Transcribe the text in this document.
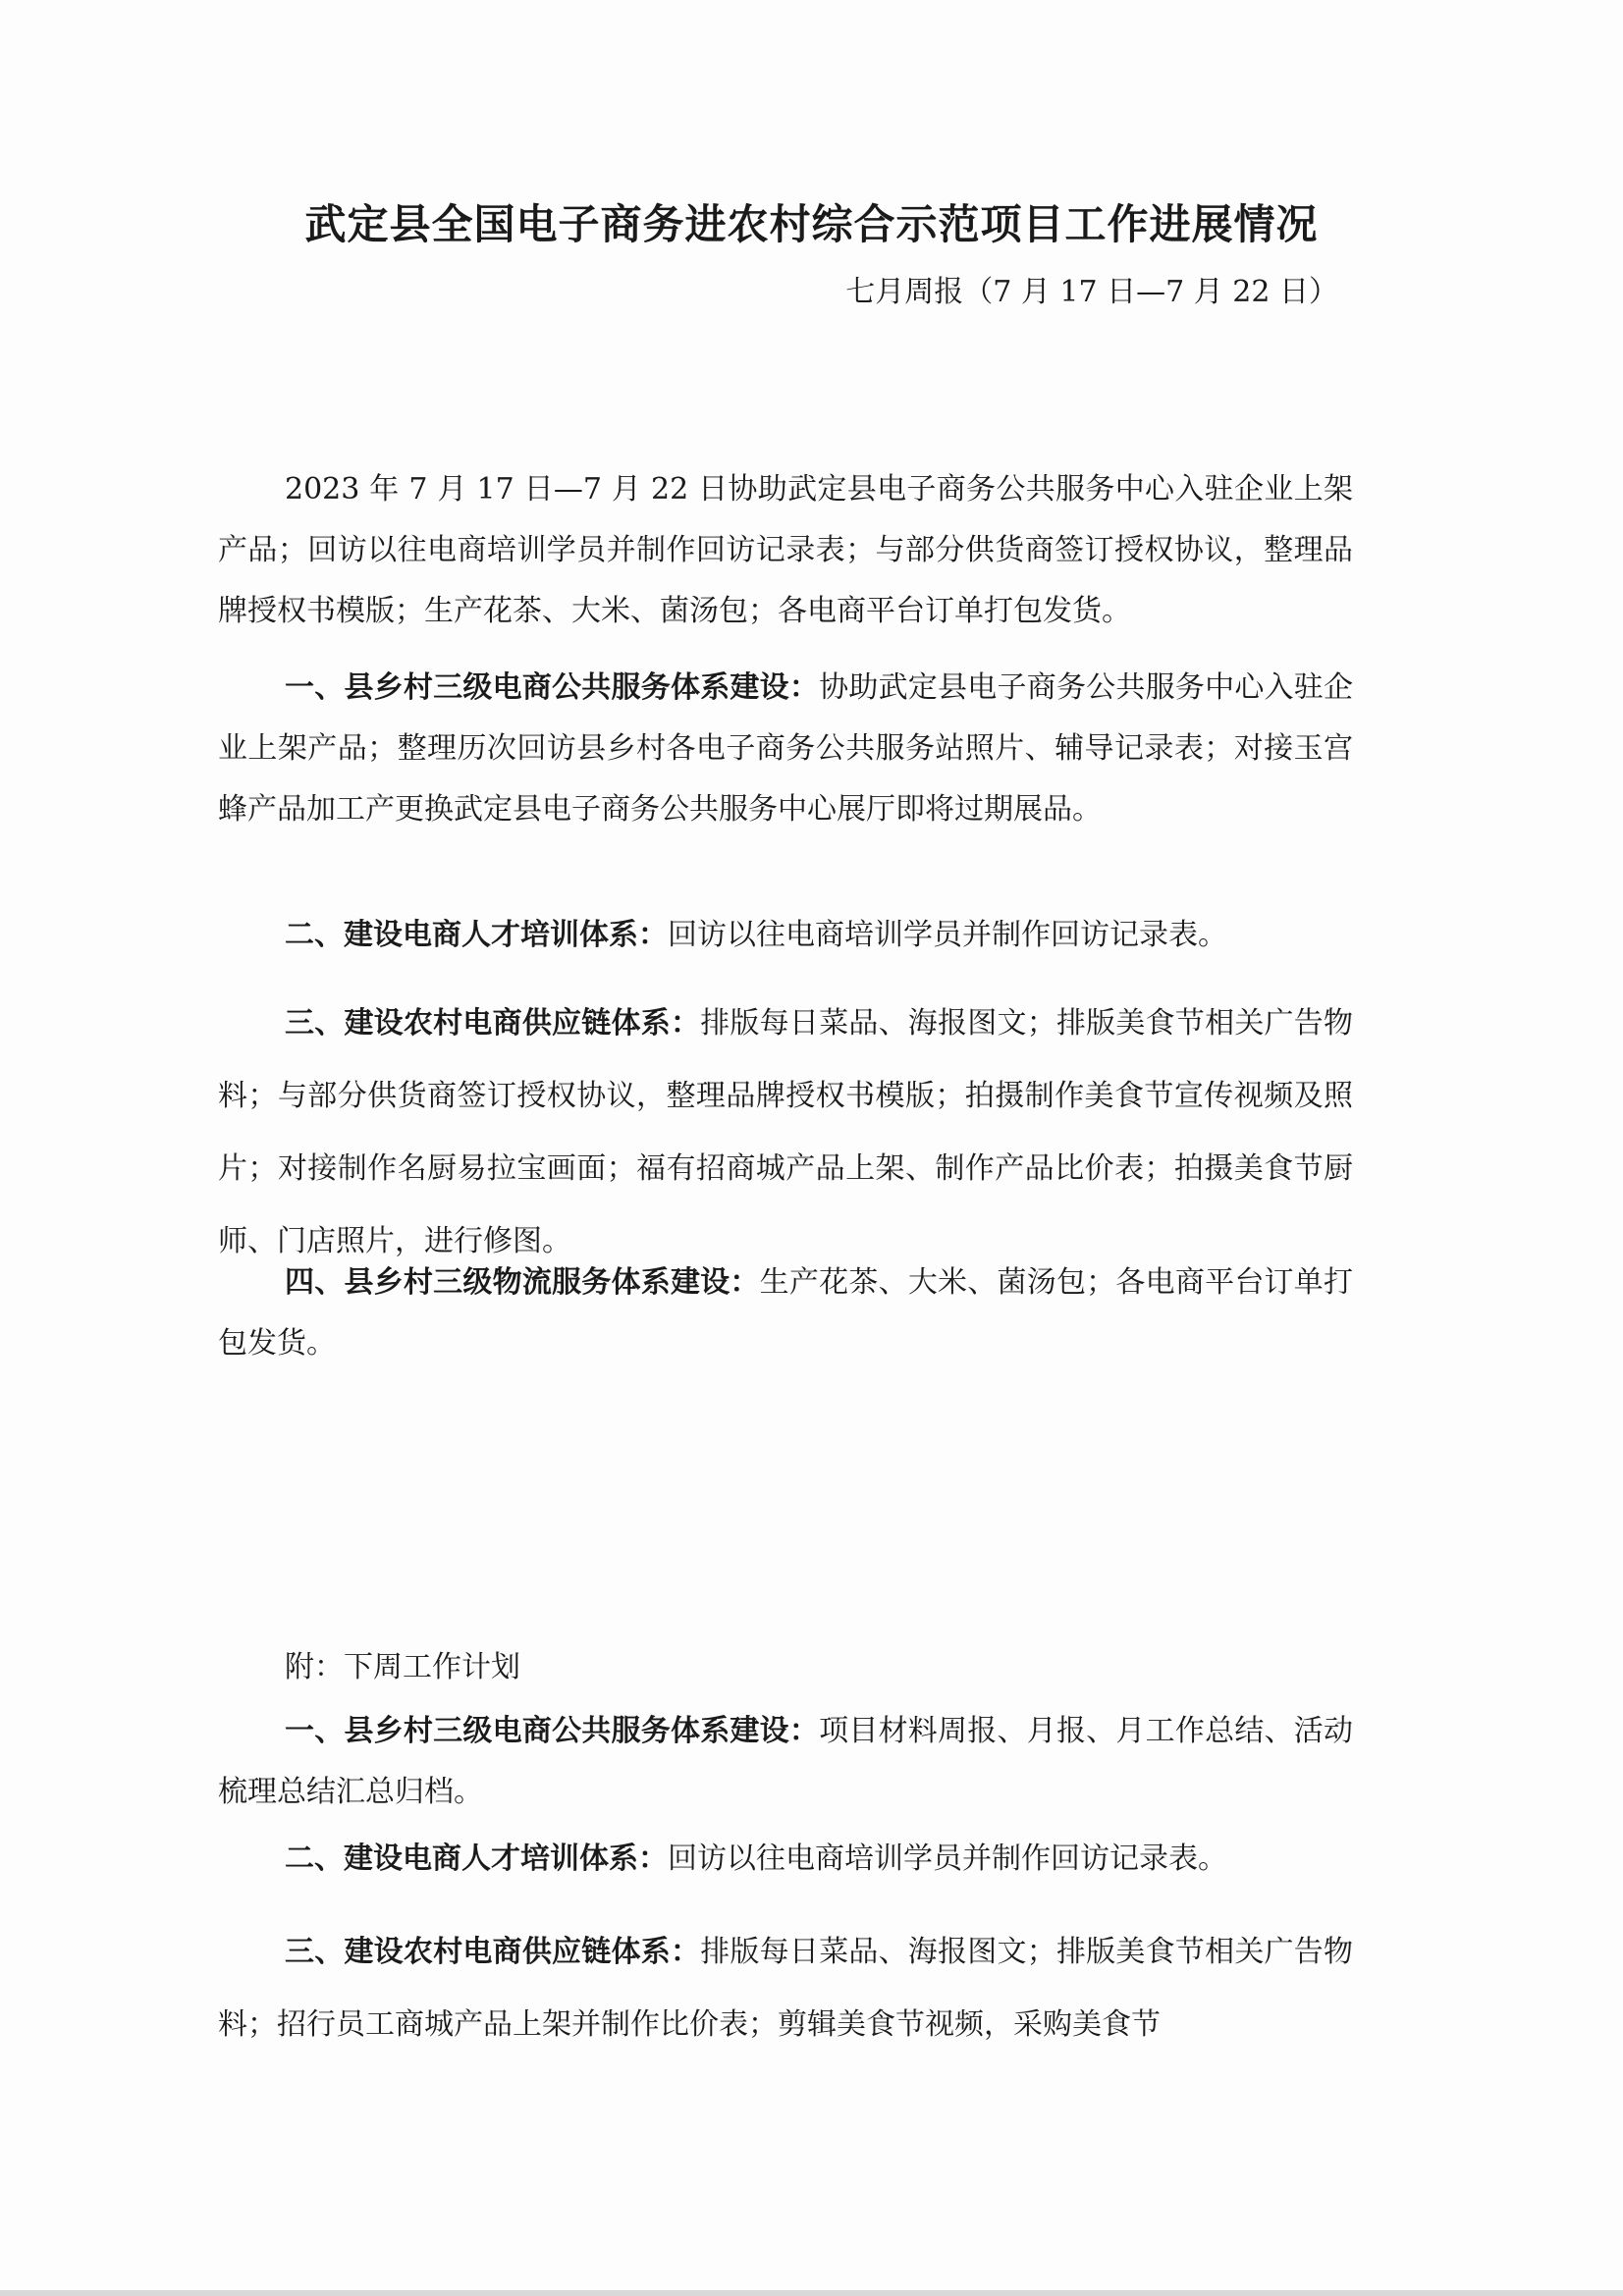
武定县全国电子商务进农村综合示范项目工作进展情况
七月周报（7 月 17 日—7 月 22 日）

2023 年 7 月 17 日—7 月 22 日协助武定县电子商务公共服务中心入驻企业上架产品；回访以往电商培训学员并制作回访记录表；与部分供货商签订授权协议，整理品牌授权书模版；生产花茶、大米、菌汤包；各电商平台订单打包发货。

一、县乡村三级电商公共服务体系建设：协助武定县电子商务公共服务中心入驻企业上架产品；整理历次回访县乡村各电子商务公共服务站照片、辅导记录表；对接玉宫蜂产品加工产更换武定县电子商务公共服务中心展厅即将过期展品。

二、建设电商人才培训体系：回访以往电商培训学员并制作回访记录表。

三、建设农村电商供应链体系：排版每日菜品、海报图文；排版美食节相关广告物料；与部分供货商签订授权协议，整理品牌授权书模版；拍摄制作美食节宣传视频及照片；对接制作名厨易拉宝画面；福有招商城产品上架、制作产品比价表；拍摄美食节厨师、门店照片，进行修图。

四、县乡村三级物流服务体系建设：生产花茶、大米、菌汤包；各电商平台订单打包发货。

附：下周工作计划

一、县乡村三级电商公共服务体系建设：项目材料周报、月报、月工作总结、活动梳理总结汇总归档。

二、建设电商人才培训体系：回访以往电商培训学员并制作回访记录表。

三、建设农村电商供应链体系：排版每日菜品、海报图文；排版美食节相关广告物料；招行员工商城产品上架并制作比价表；剪辑美食节视频，采购美食节
